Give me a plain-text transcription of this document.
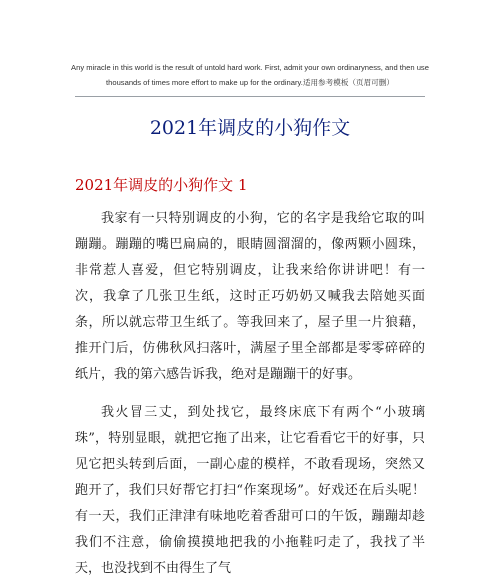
Any miracle in this world is the result of untold hard work. First, admit your own ordinaryness, and then use
thousands of times more effort to make up for the ordinary.适用参考模板（页眉可删）
2021年调皮的小狗作文
2021年调皮的小狗作文 1

我家有一只特别调皮的小狗，它的名字是我给它取的叫蹦蹦。蹦蹦的嘴巴扁扁的，眼睛圆溜溜的，像两颗小圆珠，非常惹人喜爱，但它特别调皮，让我来给你讲讲吧！有一次，我拿了几张卫生纸，这时正巧奶奶又喊我去陪她买面条，所以就忘带卫生纸了。等我回来了，屋子里一片狼藉，推开门后，仿佛秋风扫落叶，满屋子里全部都是零零碎碎的纸片，我的第六感告诉我，绝对是蹦蹦干的好事。

我火冒三丈，到处找它，最终床底下有两个“小玻璃珠”，特别显眼，就把它拖了出来，让它看看它干的好事，只见它把头转到后面，一副心虚的模样，不敢看现场，突然又跑开了，我们只好帮它打扫“作案现场”。好戏还在后头呢！有一天，我们正津津有味地吃着香甜可口的午饭，蹦蹦却趁我们不注意，偷偷摸摸地把我的小拖鞋叼走了，我找了半天，也没找到不由得生了气
